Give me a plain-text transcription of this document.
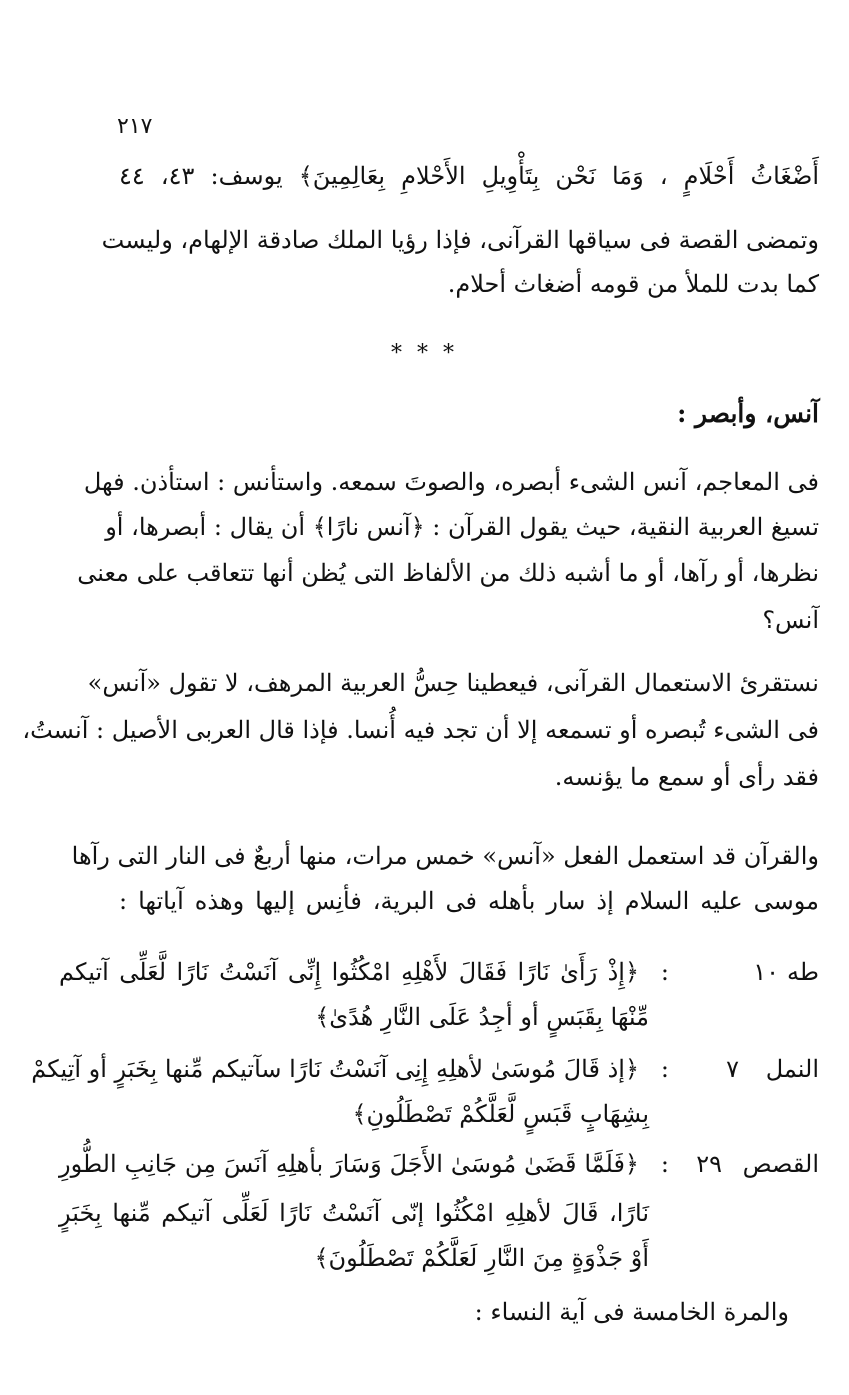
٢١٧
أَضْغَاثُ أَحْلَامٍ ، وَمَا نَحْن بِتَأْوِيلِ الأَحْلامِ بِعَالِمِينَ﴾ يوسف: ٤٣، ٤٤
وتمضى القصة فى سياقها القرآنى، فإذا رؤيا الملك صادقة الإلهام، وليست
كما بدت للملأ من قومه أضغاث أحلام.
* * *
آنس، وأبصر :
فى المعاجم، آنس الشىء أبصره، والصوتَ سمعه. واستأنس : استأذن. فهل
تسيغ العربية النقية، حيث يقول القرآن : ﴿آنس نارًا﴾ أن يقال : أبصرها، أو
نظرها، أو رآها، أو ما أشبه ذلك من الألفاظ التى يُظن أنها تتعاقب على معنى
آنس؟
نستقرئ الاستعمال القرآنى، فيعطينا حِسُّ العربية المرهف، لا تقول «آنس»
فى الشىء تُبصره أو تسمعه إلا أن تجد فيه أُنسا. فإذا قال العربى الأصيل : آنستُ،
فقد رأى أو سمع ما يؤنسه.
والقرآن قد استعمل الفعل «آنس» خمس مرات، منها أربعٌ فى النار التى رآها
موسى عليه السلام إذ سار بأهله فى البرية، فأنِس إليها وهذه آياتها :
طه
١٠
:
﴿إِذْ رَأَىٰ نَارًا فَقَالَ لأَهْلِهِ امْكُثُوا إِنِّى آنَسْتُ نَارًا لَّعَلِّى آتيكم
مِّنْهَا بِقَبَسٍ أو أجِدُ عَلَى النَّارِ هُدًىٰ﴾
النمل
٧
:
﴿إذ قَالَ مُوسَىٰ لأهلِهِ إِنِى آنَسْتُ نَارًا سآتيكم مِّنها بِخَبَرٍ أو آتِيكمْ
بِشِهَابٍ قَبَسٍ لَّعَلَّكُمْ تَصْطَلُونِ﴾
القصص
٢٩
:
﴿فَلَمَّا قَضَىٰ مُوسَىٰ الأَجَلَ وَسَارَ بأهلِهِ آنَسَ مِن جَانِبِ الطُّورِ
نَارًا، قَالَ لأهلِهِ امْكُثُوا إنّى آنَسْتُ نَارًا لَعَلِّى آتيكم مِّنها بِخَبَرٍ
أَوْ جَذْوَةٍ مِنَ النَّارِ لَعَلَّكُمْ تَصْطَلُونَ﴾
والمرة الخامسة فى آية النساء :
